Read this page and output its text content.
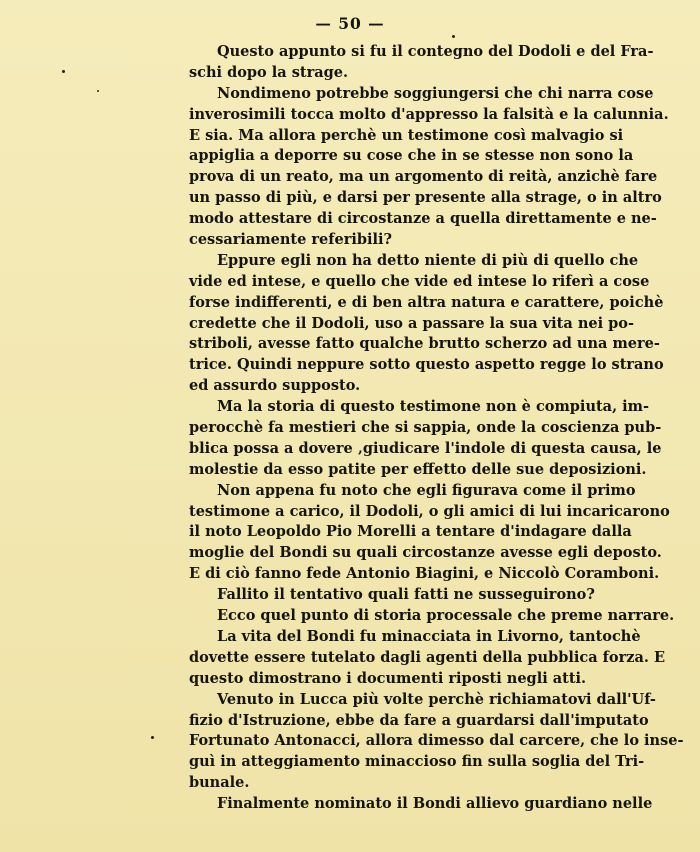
— 50 —
Questo appunto si fu il contegno del Dodoli e del Fra-
schi dopo la strage.
Nondimeno potrebbe soggiungersi che chi narra cose
inverosimili tocca molto d'appresso la falsità e la calunnia.
E sia. Ma allora perchè un testimone così malvagio si
appiglia a deporre su cose che in se stesse non sono la
prova di un reato, ma un argomento di reità, anzichè fare
un passo di più, e darsi per presente alla strage, o in altro
modo attestare di circostanze a quella direttamente e ne-
cessariamente referibili?
Eppure egli non ha detto niente di più di quello che
vide ed intese, e quello che vide ed intese lo riferì a cose
forse indifferenti, e di ben altra natura e carattere, poichè
credette che il Dodoli, uso a passare la sua vita nei po-
striboli, avesse fatto qualche brutto scherzo ad una mere-
trice. Quindi neppure sotto questo aspetto regge lo strano
ed assurdo supposto.
Ma la storia di questo testimone non è compiuta, im-
perocchè fa mestieri che si sappia, onde la coscienza pub-
blica possa a dovere ‚giudicare l'indole di questa causa, le
molestie da esso patite per effetto delle sue deposizioni.
Non appena fu noto che egli figurava come il primo
testimone a carico, il Dodoli, o gli amici di lui incaricarono
il noto Leopoldo Pio Morelli a tentare d'indagare dalla
moglie del Bondi su quali circostanze avesse egli deposto.
E di ciò fanno fede Antonio Biagini, e Niccolò Coramboni.
Fallito il tentativo quali fatti ne susseguirono?
Ecco quel punto di storia processale che preme narrare.
La vita del Bondi fu minacciata in Livorno, tantochè
dovette essere tutelato dagli agenti della pubblica forza. E
questo dimostrano i documenti riposti negli atti.
Venuto in Lucca più volte perchè richiamatovi dall'Uf-
fizio d'Istruzione, ebbe da fare a guardarsi dall'imputato
Fortunato Antonacci, allora dimesso dal carcere, che lo inse-
guì in atteggiamento minaccioso fin sulla soglia del Tri-
bunale.
Finalmente nominato il Bondi allievo guardiano nelle
